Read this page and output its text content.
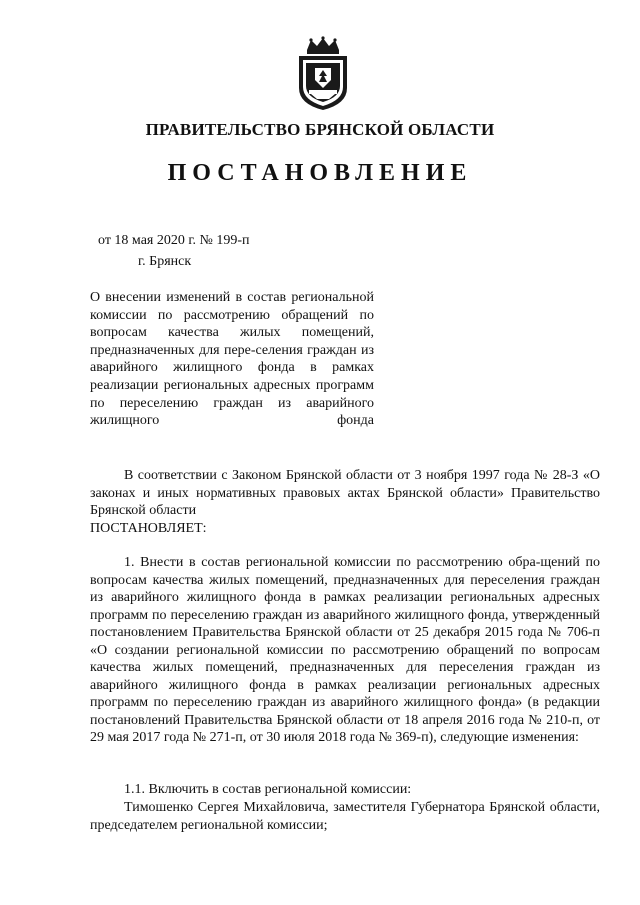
ПРАВИТЕЛЬСТВО БРЯНСКОЙ ОБЛАСТИ
ПОСТАНОВЛЕНИЕ
от 18 мая 2020 г. № 199-п
г. Брянск
О внесении изменений в состав региональной комиссии по рассмотрению обращений по вопросам качества жилых помещений, предназначенных для пере-селения граждан из аварийного жилищного фонда в рамках реализации региональных адресных программ по переселению граждан из аварийного жилищного фонда
В соответствии с Законом Брянской области от 3 ноября 1997 года № 28-З «О законах и иных нормативных правовых актах Брянской области» Правительство Брянской области
ПОСТАНОВЛЯЕТ:
1. Внести в состав региональной комиссии по рассмотрению обра-щений по вопросам качества жилых помещений, предназначенных для переселения граждан из аварийного жилищного фонда в рамках реализации региональных адресных программ по переселению граждан из аварийного жилищного фонда, утвержденный постановлением Правительства Брянской области от 25 декабря 2015 года № 706-п «О создании региональной комиссии по рассмотрению обращений по вопросам качества жилых помещений, предназначенных для переселения граждан из аварийного жилищного фонда в рамках реализации региональных адресных программ по переселению граждан из аварийного жилищного фонда» (в редакции постановлений Правительства Брянской области от 18 апреля 2016 года № 210-п, от 29 мая 2017 года № 271-п, от 30 июля 2018 года № 369-п), следующие изменения:
1.1. Включить в состав региональной комиссии:
Тимошенко Сергея Михайловича, заместителя Губернатора Брянской области, председателем региональной комиссии;
